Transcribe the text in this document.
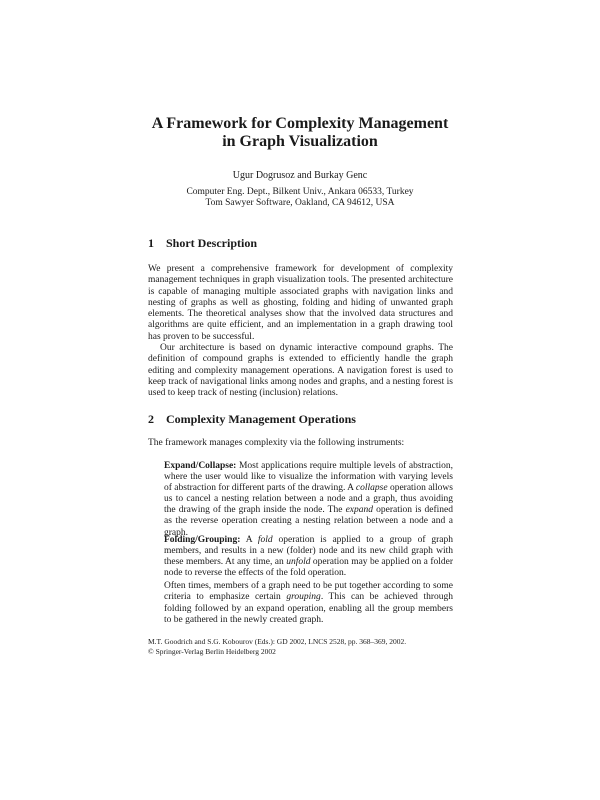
A Framework for Complexity Management
in Graph Visualization
Ugur Dogrusoz and Burkay Genc
Computer Eng. Dept., Bilkent Univ., Ankara 06533, Turkey
Tom Sawyer Software, Oakland, CA 94612, USA
1 Short Description

We present a comprehensive framework for development of complexity management techniques in graph visualization tools. The presented architecture is capable of managing multiple associated graphs with navigation links and nesting of graphs as well as ghosting, folding and hiding of unwanted graph elements. The theoretical analyses show that the involved data structures and algorithms are quite efficient, and an implementation in a graph drawing tool has proven to be successful.

Our architecture is based on dynamic interactive compound graphs. The definition of compound graphs is extended to efficiently handle the graph editing and complexity management operations. A navigation forest is used to keep track of navigational links among nodes and graphs, and a nesting forest is used to keep track of nesting (inclusion) relations.

2 Complexity Management Operations

The framework manages complexity via the following instruments:

Expand/Collapse: Most applications require multiple levels of abstraction, where the user would like to visualize the information with varying levels of abstraction for different parts of the drawing. A collapse operation allows us to cancel a nesting relation between a node and a graph, thus avoiding the drawing of the graph inside the node. The expand operation is defined as the reverse operation creating a nesting relation between a node and a graph.

Folding/Grouping: A fold operation is applied to a group of graph members, and results in a new (folder) node and its new child graph with these members. At any time, an unfold operation may be applied on a folder node to reverse the effects of the fold operation.

Often times, members of a graph need to be put together according to some criteria to emphasize certain grouping. This can be achieved through folding followed by an expand operation, enabling all the group members to be gathered in the newly created graph.

M.T. Goodrich and S.G. Kobourov (Eds.): GD 2002, LNCS 2528, pp. 368–369, 2002.
© Springer-Verlag Berlin Heidelberg 2002
